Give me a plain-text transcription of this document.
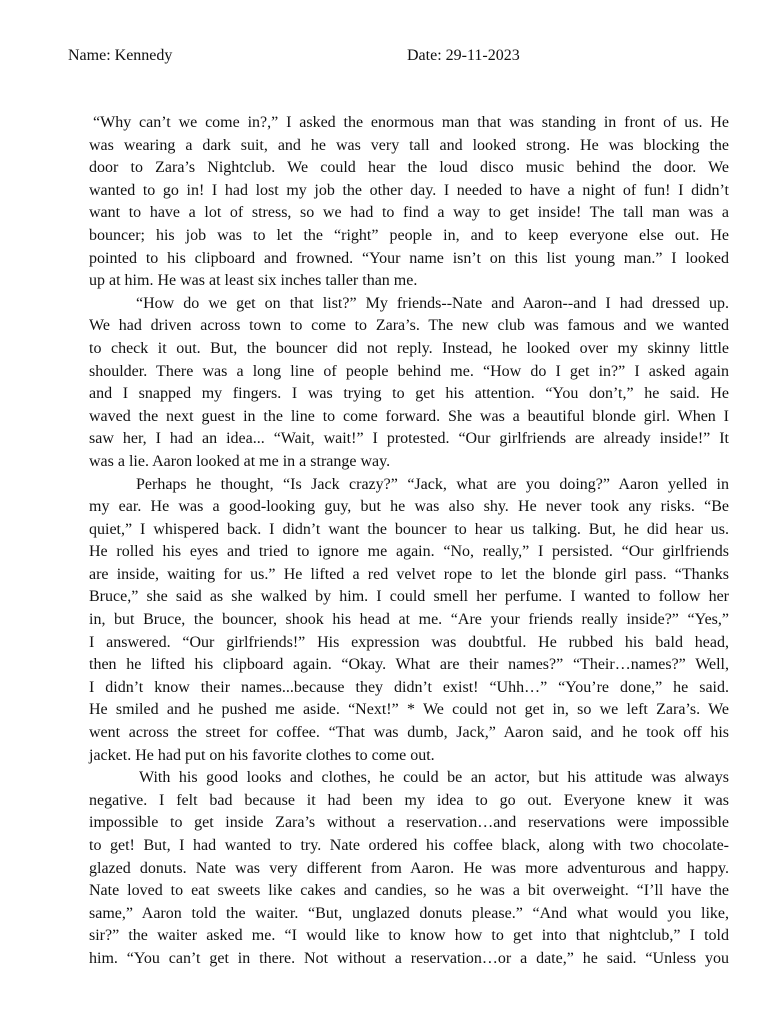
Name: Kennedy	Date: 29-11-2023
“Why can’t we come in?,” I asked the enormous man that was standing in front of us. He
was wearing a dark suit, and he was very tall and looked strong. He was blocking the
door to Zara’s Nightclub. We could hear the loud disco music behind the door. We
wanted to go in! I had lost my job the other day. I needed to have a night of fun! I didn’t
want to have a lot of stress, so we had to find a way to get inside! The tall man was a
bouncer; his job was to let the “right” people in, and to keep everyone else out. He
pointed to his clipboard and frowned. “Your name isn’t on this list young man.” I looked
up at him. He was at least six inches taller than me.
“How do we get on that list?” My friends--Nate and Aaron--and I had dressed up.
We had driven across town to come to Zara’s. The new club was famous and we wanted
to check it out. But, the bouncer did not reply. Instead, he looked over my skinny little
shoulder. There was a long line of people behind me. “How do I get in?” I asked again
and I snapped my fingers. I was trying to get his attention. “You don’t,” he said. He
waved the next guest in the line to come forward. She was a beautiful blonde girl. When I
saw her, I had an idea... “Wait, wait!” I protested. “Our girlfriends are already inside!” It
was a lie. Aaron looked at me in a strange way.
Perhaps he thought, “Is Jack crazy?” “Jack, what are you doing?” Aaron yelled in
my ear. He was a good-looking guy, but he was also shy. He never took any risks. “Be
quiet,” I whispered back. I didn’t want the bouncer to hear us talking. But, he did hear us.
He rolled his eyes and tried to ignore me again. “No, really,” I persisted. “Our girlfriends
are inside, waiting for us.” He lifted a red velvet rope to let the blonde girl pass. “Thanks
Bruce,” she said as she walked by him. I could smell her perfume. I wanted to follow her
in, but Bruce, the bouncer, shook his head at me. “Are your friends really inside?” “Yes,”
I answered. “Our girlfriends!” His expression was doubtful. He rubbed his bald head,
then he lifted his clipboard again. “Okay. What are their names?” “Their…names?” Well,
I didn’t know their names...because they didn’t exist! “Uhh…” “You’re done,” he said.
He smiled and he pushed me aside. “Next!” * We could not get in, so we left Zara’s. We
went across the street for coffee. “That was dumb, Jack,” Aaron said, and he took off his
jacket. He had put on his favorite clothes to come out.
With his good looks and clothes, he could be an actor, but his attitude was always
negative. I felt bad because it had been my idea to go out. Everyone knew it was
impossible to get inside Zara’s without a reservation…and reservations were impossible
to get! But, I had wanted to try. Nate ordered his coffee black, along with two chocolate-
glazed donuts. Nate was very different from Aaron. He was more adventurous and happy.
Nate loved to eat sweets like cakes and candies, so he was a bit overweight. “I’ll have the
same,” Aaron told the waiter. “But, unglazed donuts please.” “And what would you like,
sir?” the waiter asked me. “I would like to know how to get into that nightclub,” I told
him. “You can’t get in there. Not without a reservation…or a date,” he said. “Unless you
